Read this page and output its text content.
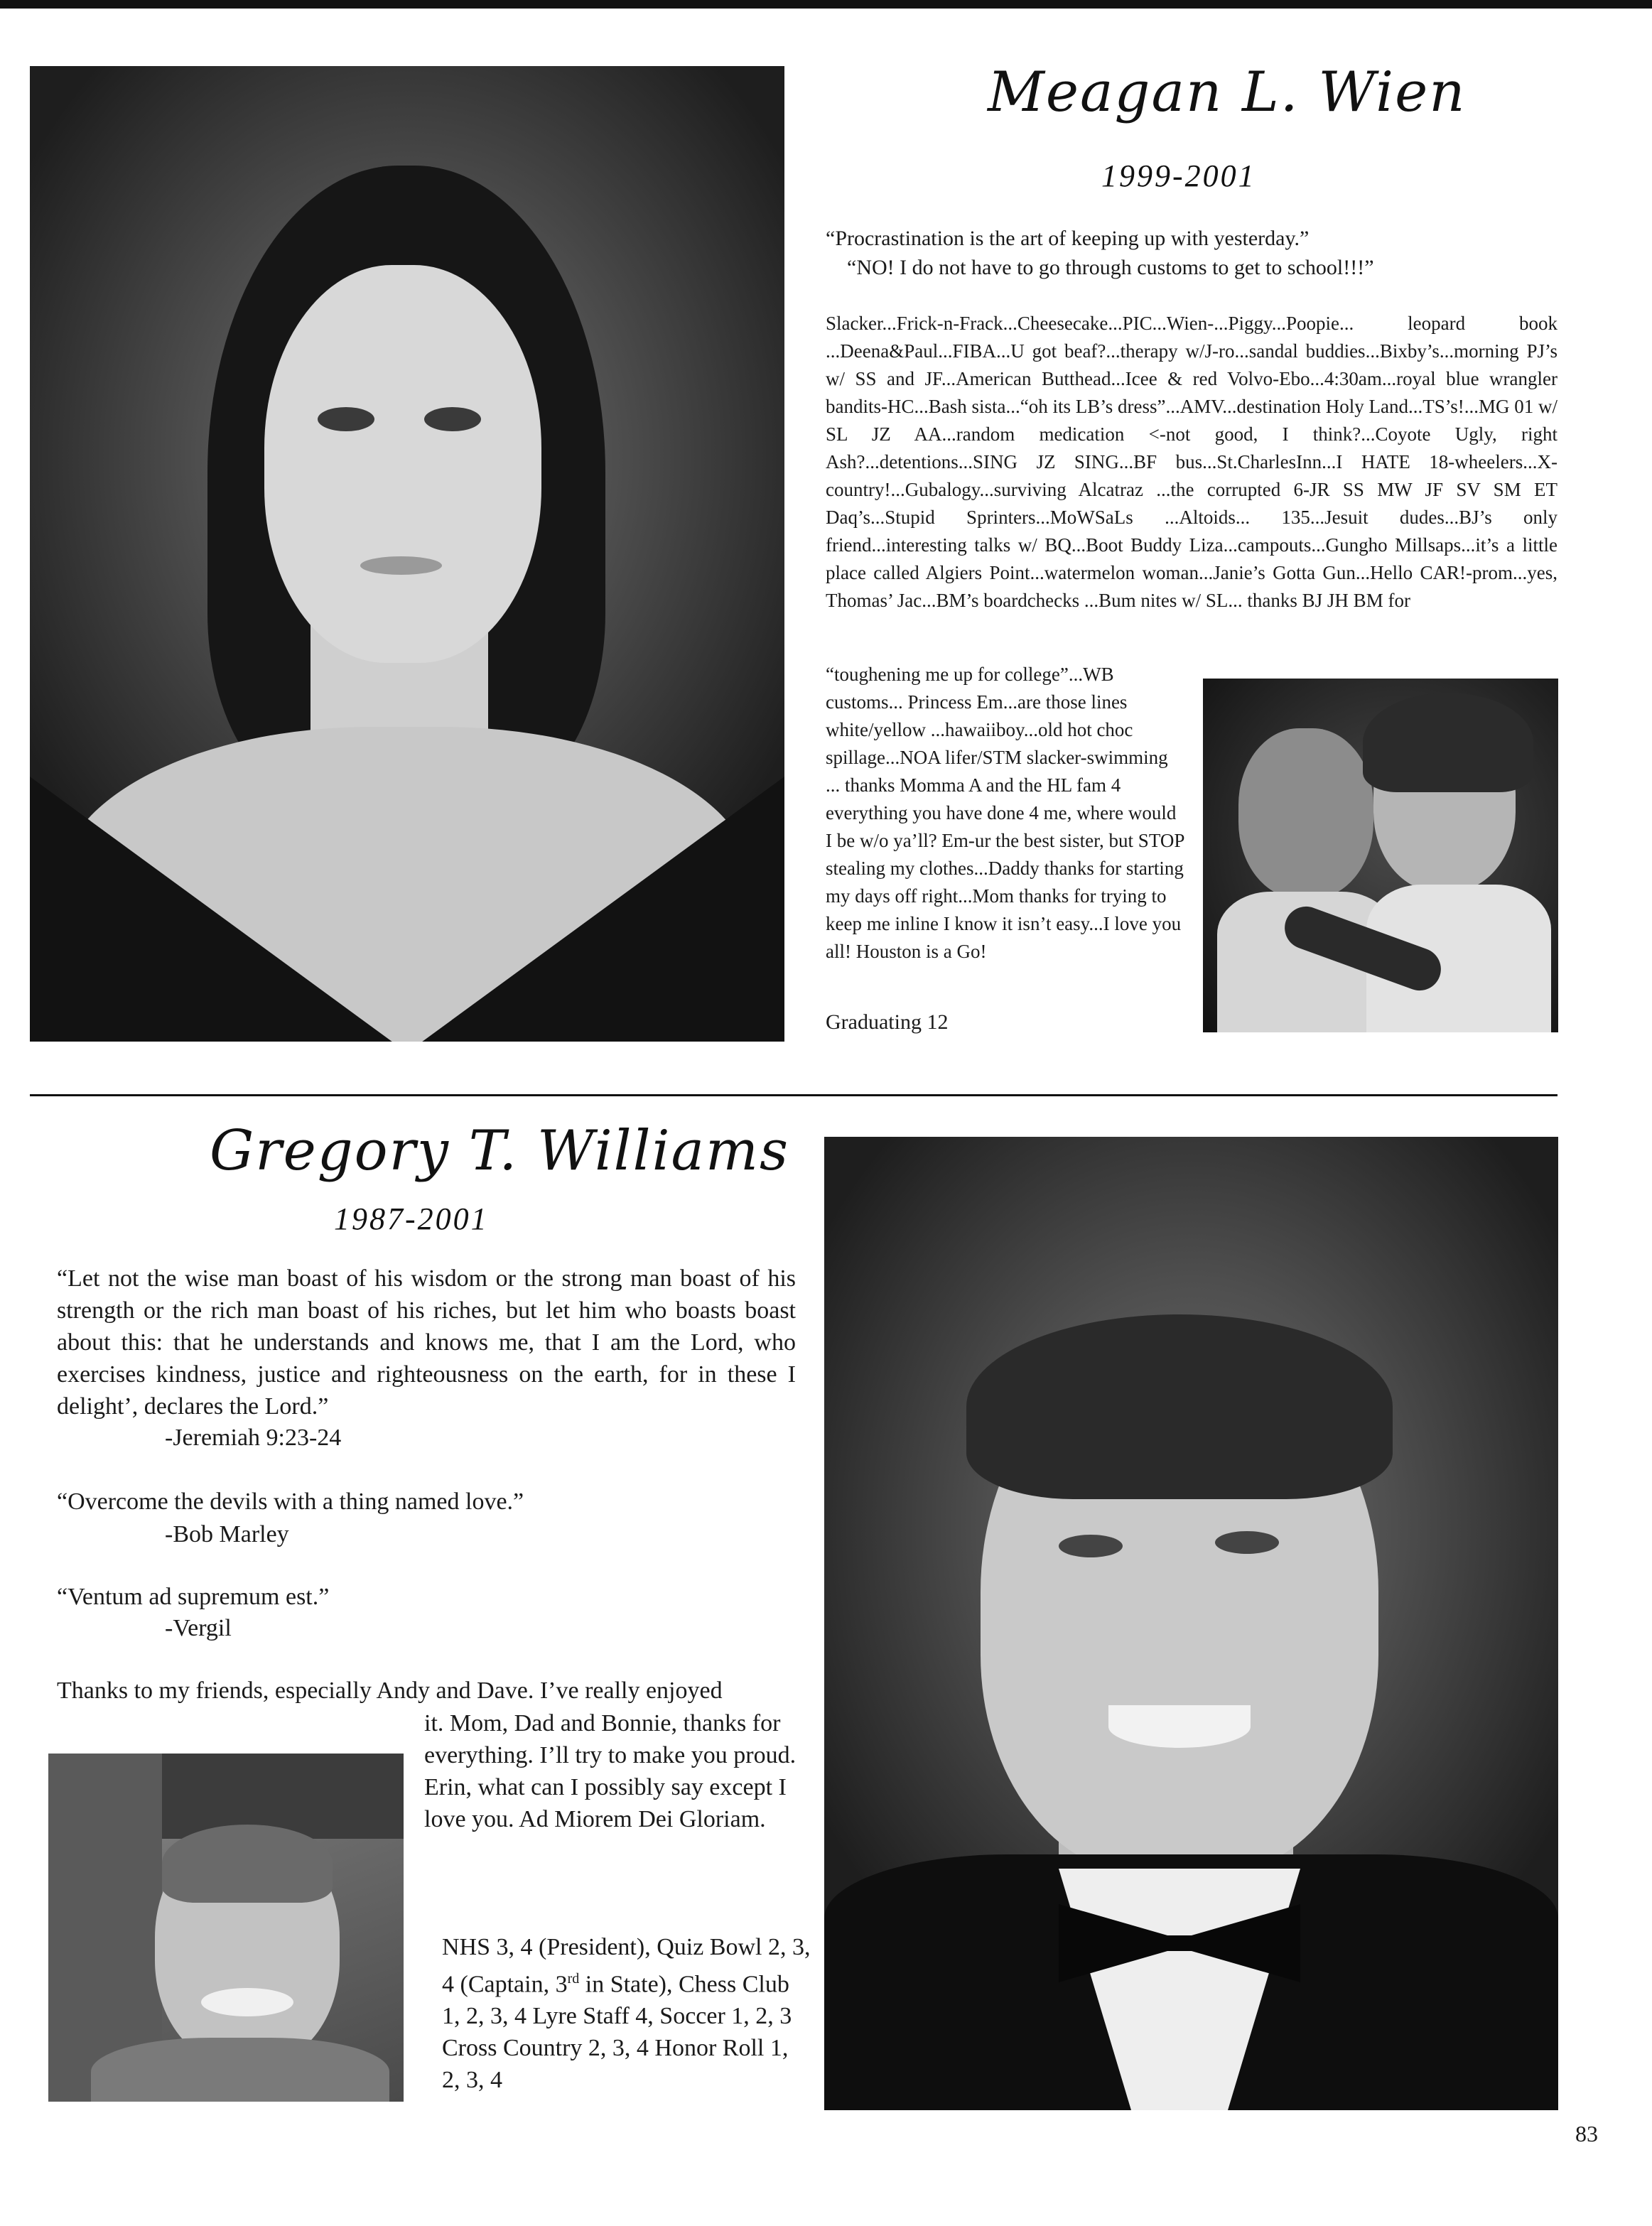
Meagan L. Wien
1999-2001
“Procrastination is the art of keeping up with yesterday.”
“NO! I do not have to go through customs to get to school!!!”

Slacker...Frick-n-Frack...Cheesecake...PIC...Wien-...Piggy...Poopie... leopard book ...Deena&Paul...FIBA...U got beaf?...therapy w/J-ro...sandal buddies...Bixby’s...morning PJ’s w/ SS and JF...American Butthead...Icee & red Volvo-Ebo...4:30am...royal blue wrangler bandits-HC...Bash sista...“oh its LB’s dress”...AMV...destination Holy Land...TS’s!...MG 01 w/ SL JZ AA...random medication <-not good, I think?...Coyote Ugly, right Ash?...detentions...SING JZ SING...BF bus...St.CharlesInn...I HATE 18-wheelers...X-country!...Gubalogy...surviving Alcatraz ...the corrupted 6-JR SS MW JF SV SM ET Daq’s...Stupid Sprinters...MoWSaLs ...Altoids... 135...Jesuit dudes...BJ’s only friend...interesting talks w/ BQ...Boot Buddy Liza...campouts...Gungho Millsaps...it’s a little place called Algiers Point...watermelon woman...Janie’s Gotta Gun...Hello CAR!-prom...yes, Thomas’ Jac...BM’s boardchecks ...Bum nites w/ SL... thanks BJ JH BM for

“toughening me up for college”...WB customs... Princess Em...are those lines white/yellow ...hawaiiboy...old hot choc spillage...NOA lifer/STM slacker-swimming ... thanks Momma A and the HL fam 4 everything you have done 4 me, where would I be w/o ya’ll? Em-ur the best sister, but STOP stealing my clothes...Daddy thanks for starting my days off right...Mom thanks for trying to keep me inline I know it isn’t easy...I love you all! Houston is a Go!

Graduating 12
Gregory T. Williams
1987-2001

“Let not the wise man boast of his wisdom or the strong man boast of his strength or the rich man boast of his riches, but let him who boasts boast about this: that he understands and knows me, that I am the Lord, who exercises kindness, justice and righteousness on the earth, for in these I delight’, declares the Lord.”

-Jeremiah 9:23-24
“Overcome the devils with a thing named love.”
-Bob Marley
“Ventum ad supremum est.”
-Vergil
Thanks to my friends, especially Andy and Dave. I’ve really enjoyed

it. Mom, Dad and Bonnie, thanks for everything. I’ll try to make you proud. Erin, what can I possibly say except I love you. Ad Miorem Dei Gloriam.

NHS 3, 4 (President), Quiz Bowl 2, 3, 4 (Captain, 3rd in State), Chess Club 1, 2, 3, 4 Lyre Staff 4, Soccer 1, 2, 3 Cross Country 2, 3, 4 Honor Roll 1, 2, 3, 4

83
